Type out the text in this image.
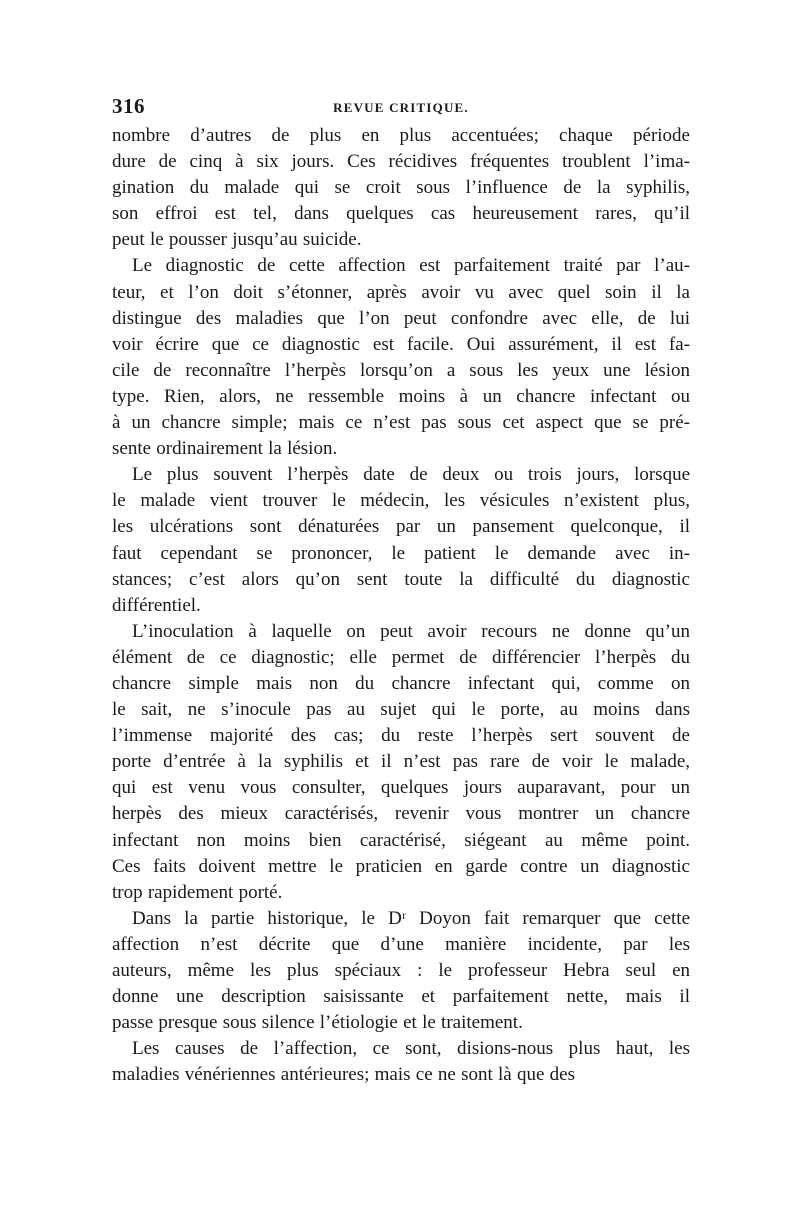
316	REVUE CRITIQUE.
nombre d’autres de plus en plus accentuées; chaque période
dure de cinq à six jours. Ces récidives fréquentes troublent l’ima-
gination du malade qui se croit sous l’influence de la syphilis,
son effroi est tel, dans quelques cas heureusement rares, qu’il
peut le pousser jusqu’au suicide.
Le diagnostic de cette affection est parfaitement traité par l’au-
teur, et l’on doit s’étonner, après avoir vu avec quel soin il la
distingue des maladies que l’on peut confondre avec elle, de lui
voir écrire que ce diagnostic est facile. Oui assurément, il est fa-
cile de reconnaître l’herpès lorsqu’on a sous les yeux une lésion
type. Rien, alors, ne ressemble moins à un chancre infectant ou
à un chancre simple; mais ce n’est pas sous cet aspect que se pré-
sente ordinairement la lésion.
Le plus souvent l’herpès date de deux ou trois jours, lorsque
le malade vient trouver le médecin, les vésicules n’existent plus,
les ulcérations sont dénaturées par un pansement quelconque, il
faut cependant se prononcer, le patient le demande avec in-
stances; c’est alors qu’on sent toute la difficulté du diagnostic
différentiel.
L’inoculation à laquelle on peut avoir recours ne donne qu’un
élément de ce diagnostic; elle permet de différencier l’herpès du
chancre simple mais non du chancre infectant qui, comme on
le sait, ne s’inocule pas au sujet qui le porte, au moins dans
l’immense majorité des cas; du reste l’herpès sert souvent de
porte d’entrée à la syphilis et il n’est pas rare de voir le malade,
qui est venu vous consulter, quelques jours auparavant, pour un
herpès des mieux caractérisés, revenir vous montrer un chancre
infectant non moins bien caractérisé, siégeant au même point.
Ces faits doivent mettre le praticien en garde contre un diagnostic
trop rapidement porté.
Dans la partie historique, le Dʳ Doyon fait remarquer que cette
affection n’est décrite que d’une manière incidente, par les
auteurs, même les plus spéciaux : le professeur Hebra seul en
donne une description saisissante et parfaitement nette, mais il
passe presque sous silence l’étiologie et le traitement.
Les causes de l’affection, ce sont, disions-nous plus haut, les
maladies vénériennes antérieures; mais ce ne sont là que des
